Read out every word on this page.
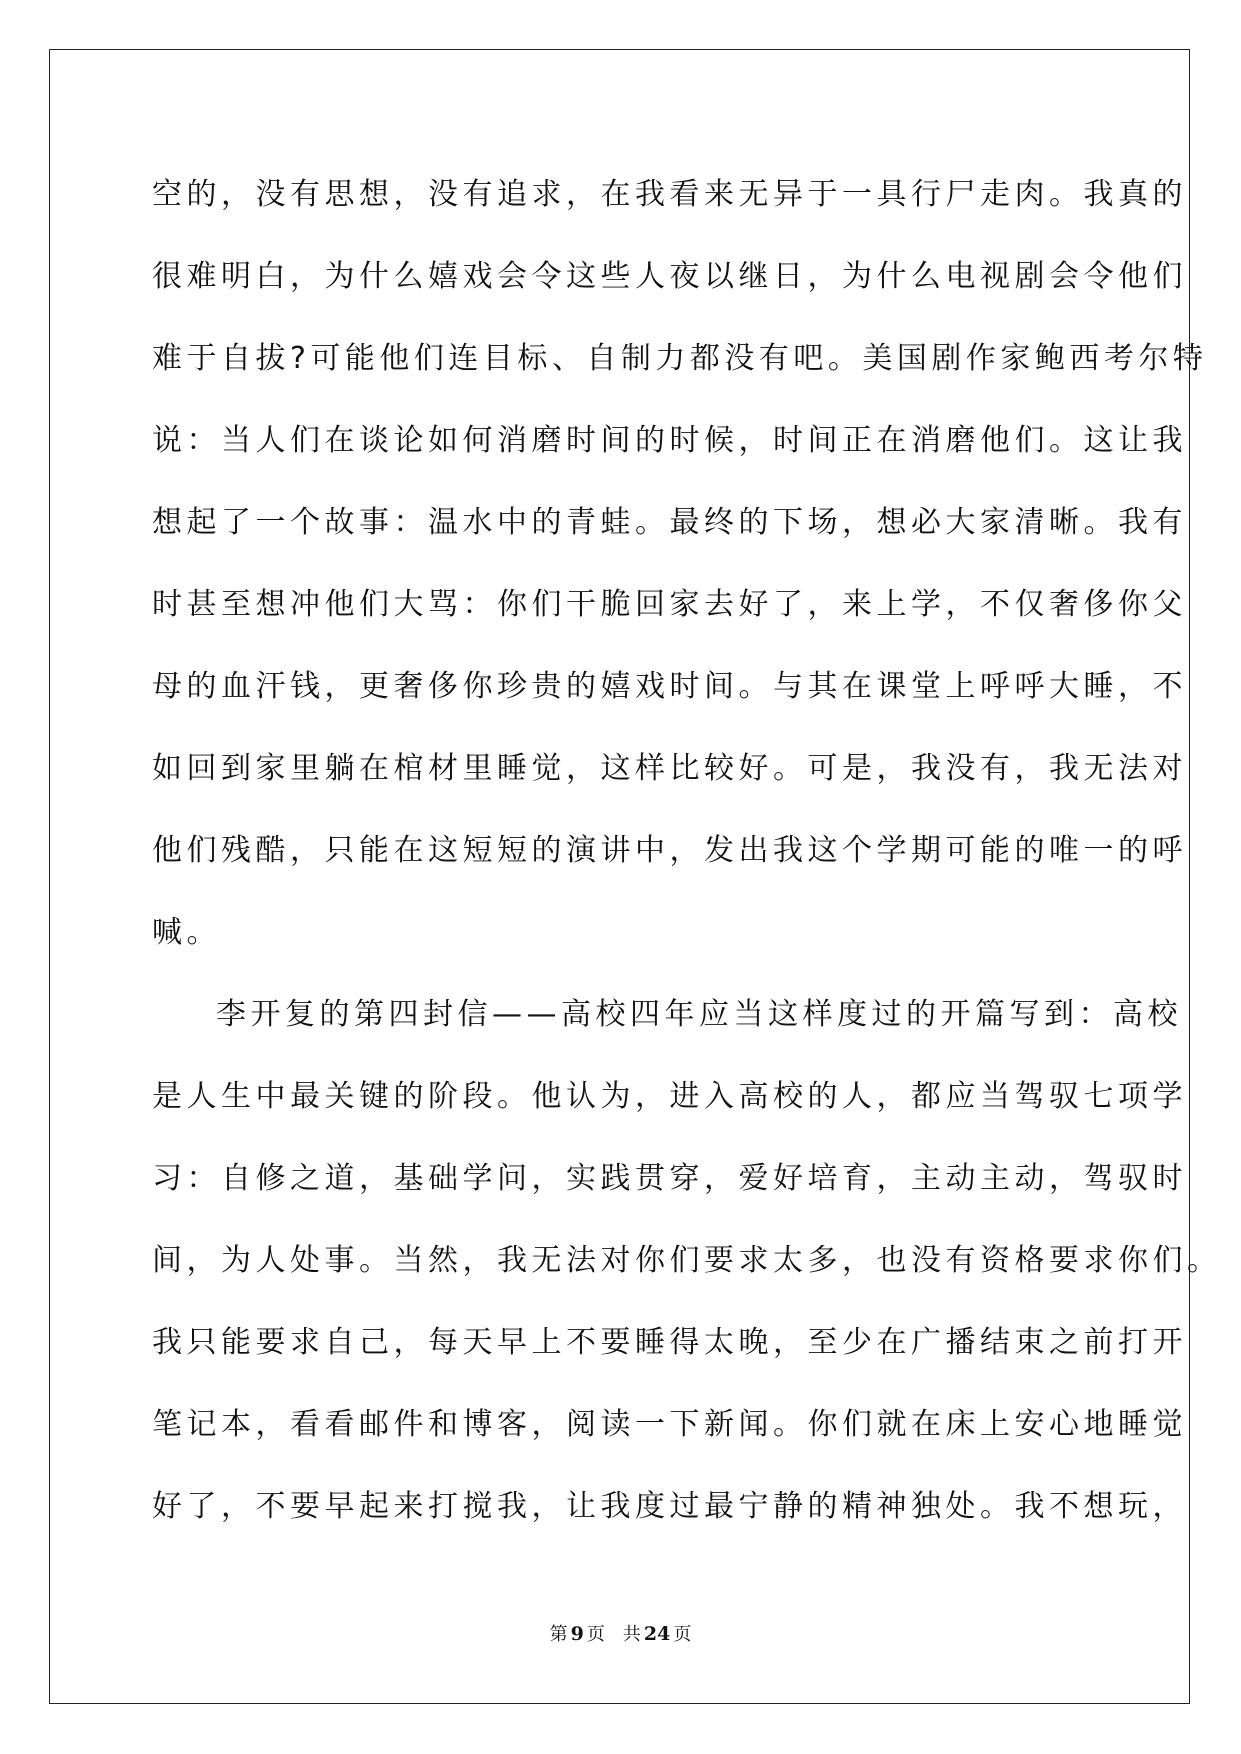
空的，没有思想，没有追求，在我看来无异于一具行尸走肉。我真的
很难明白，为什么嬉戏会令这些人夜以继日，为什么电视剧会令他们
难于自拔?可能他们连目标、自制力都没有吧。美国剧作家鲍西考尔特
说：当人们在谈论如何消磨时间的时候，时间正在消磨他们。这让我
想起了一个故事：温水中的青蛙。最终的下场，想必大家清晰。我有
时甚至想冲他们大骂：你们干脆回家去好了，来上学，不仅奢侈你父
母的血汗钱，更奢侈你珍贵的嬉戏时间。与其在课堂上呼呼大睡，不
如回到家里躺在棺材里睡觉，这样比较好。可是，我没有，我无法对
他们残酷，只能在这短短的演讲中，发出我这个学期可能的唯一的呼
喊。
李开复的第四封信——高校四年应当这样度过的开篇写到：高校
是人生中最关键的阶段。他认为，进入高校的人，都应当驾驭七项学
习：自修之道，基础学问，实践贯穿，爱好培育，主动主动，驾驭时
间，为人处事。当然，我无法对你们要求太多，也没有资格要求你们。
我只能要求自己，每天早上不要睡得太晚，至少在广播结束之前打开
笔记本，看看邮件和博客，阅读一下新闻。你们就在床上安心地睡觉
好了，不要早起来打搅我，让我度过最宁静的精神独处。我不想玩，
第 9 页 共 24 页
